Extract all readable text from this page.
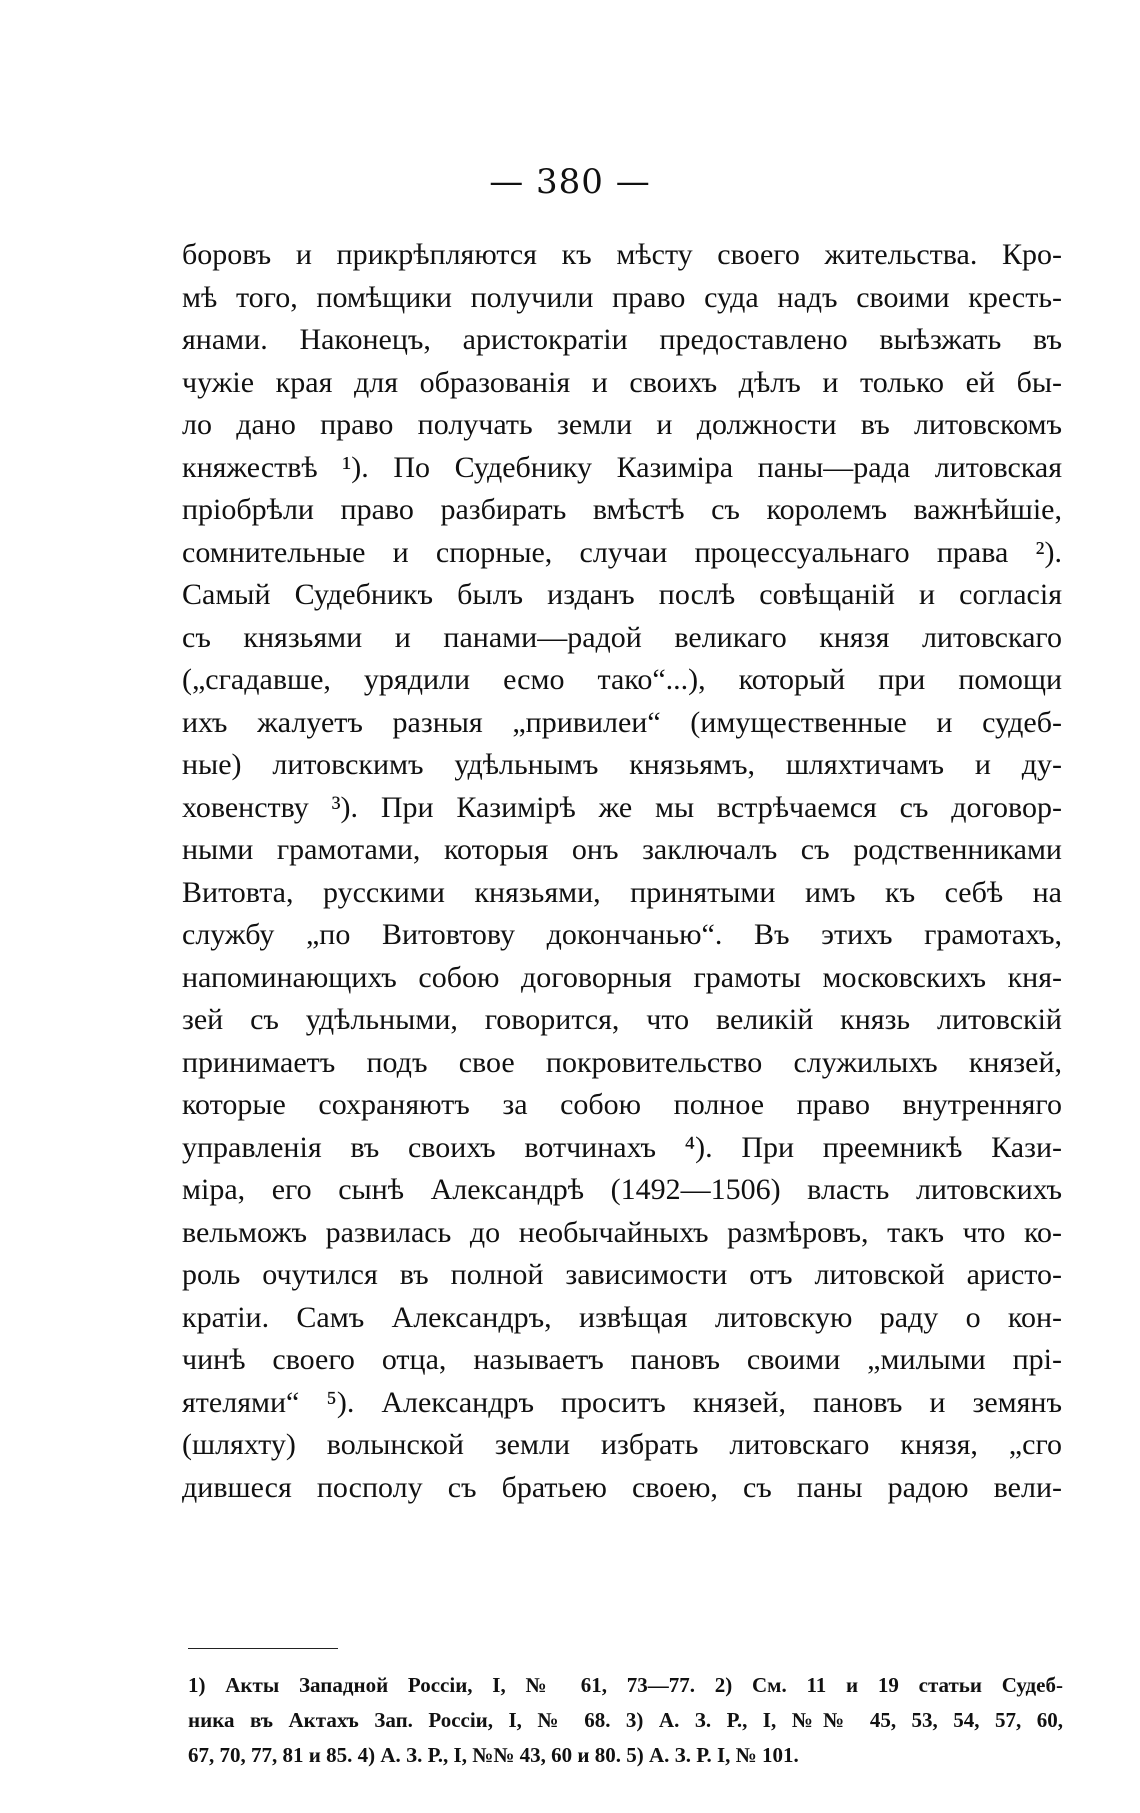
— 380 —
боровъ и прикрѣпляются къ мѣсту своего жительства. Кро-
мѣ того, помѣщики получили право суда надъ своими кресть-
янами. Наконецъ, аристократіи предоставлено выѣзжать въ
чужіе края для образованія и своихъ дѣлъ и только ей бы-
ло дано право получать земли и должности въ литовскомъ
княжествѣ ¹). По Судебнику Казиміра паны—рада литовская
пріобрѣли право разбирать вмѣстѣ съ королемъ важнѣйшіе,
сомнительные и спорные, случаи процессуальнаго права ²).
Самый Судебникъ былъ изданъ послѣ совѣщаній и согласія
съ князьями и панами—радой великаго князя литовскаго
(„сгадавше, урядили есмо тако“...), который при помощи
ихъ жалуетъ разныя „привилеи“ (имущественные и судеб-
ные) литовскимъ удѣльнымъ князьямъ, шляхтичамъ и ду-
ховенству ³). При Казимірѣ же мы встрѣчаемся съ договор-
ными грамотами, которыя онъ заключалъ съ родственниками
Витовта, русскими князьями, принятыми имъ къ себѣ на
службу „по Витовтову докончанью“. Въ этихъ грамотахъ,
напоминающихъ собою договорныя грамоты московскихъ кня-
зей съ удѣльными, говорится, что великій князь литовскій
принимаетъ подъ свое покровительство служилыхъ князей,
которые сохраняютъ за собою полное право внутренняго
управленія въ своихъ вотчинахъ ⁴). При преемникѣ Кази-
міра, его сынѣ Александрѣ (1492—1506) власть литовскихъ
вельможъ развилась до необычайныхъ размѣровъ, такъ что ко-
роль очутился въ полной зависимости отъ литовской аристо-
кратіи. Самъ Александръ, извѣщая литовскую раду о кон-
чинѣ своего отца, называетъ пановъ своими „милыми прі-
ятелями“ ⁵). Александръ проситъ князей, пановъ и земянъ
(шляхту) волынской земли избрать литовскаго князя, „сго
дившеся посполу съ братьею своею, съ паны радою вели-
1) Акты Западной Россіи, I, № 61, 73—77. 2) См. 11 и 19 статьи Судеб-
ника въ Актахъ Зап. Россіи, I, № 68. 3) А. З. Р., I, №№ 45, 53, 54, 57, 60,
67, 70, 77, 81 и 85. 4) А. З. Р., I, №№ 43, 60 и 80. 5) А. З. Р. I, № 101.
